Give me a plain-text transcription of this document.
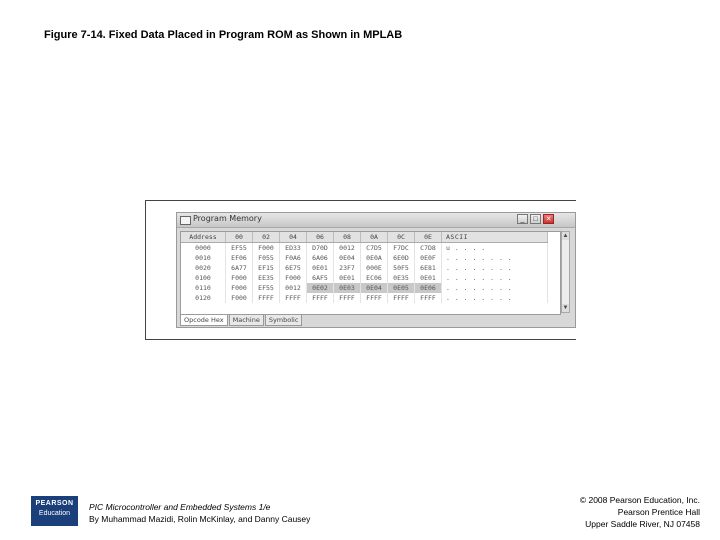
Figure 7-14. Fixed Data Placed in Program ROM as Shown in MPLAB
Program Memory	_	□	✕
Address	00	02	04	06	08	0A	0C	0E	ASCII
0000	EF55	F000	ED33	D70D	0012	C7D5	F7DC	C7D8	u . . . .
0010	EF06	F055	F0A6	6A06	0E04	0E0A	6E0D	0E0F	. . . . . . . .
0020	6A77	EF15	6E75	0E01	23F7	000E	50F5	6E81	. . . . . . . .
0100	F000	EE35	F000	6AF5	0E01	EC06	0E35	0E01	. . . . . . . .
0110	F000	EF55	0012	0E02	0E03	0E04	0E05	0E06	. . . . . . . .
0120	F000	FFFF	FFFF	FFFF	FFFF	FFFF	FFFF	FFFF	. . . . . . . .
▲
▼
Opcode Hex	Machine	Symbolic
PEARSON
Education
PIC Microcontroller and Embedded Systems 1/e
By Muhammad Mazidi, Rolin McKinlay, and Danny Causey
© 2008 Pearson Education, Inc.
Pearson Prentice Hall
Upper Saddle River, NJ 07458
